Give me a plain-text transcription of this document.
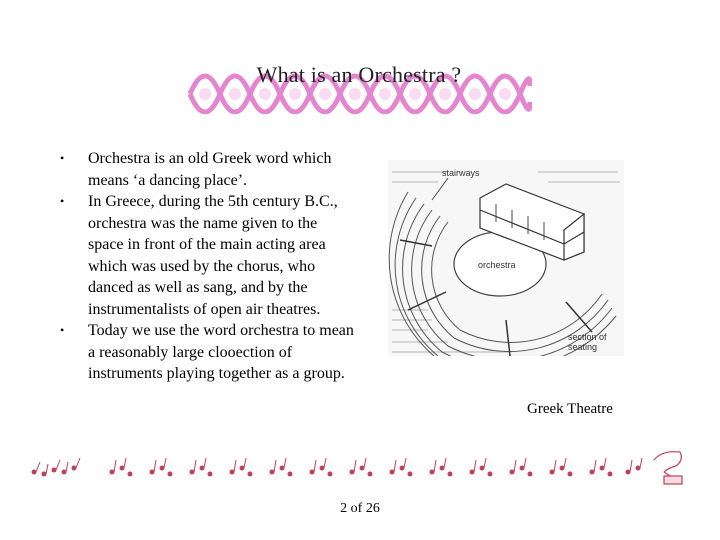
What is an Orchestra ?
• Orchestra is an old Greek word which means ‘a dancing place’.
• In Greece, during the 5th century B.C., orchestra was the name given to the space in front of the main acting area which was used by the chorus, who danced as well as sang, and by the instrumentalists of open air theatres.
• Today we use the word orchestra to mean a reasonably large clooection of instruments playing together as a group.
stairways
orchestra
section of
seating
Greek Theatre
2 of 26
